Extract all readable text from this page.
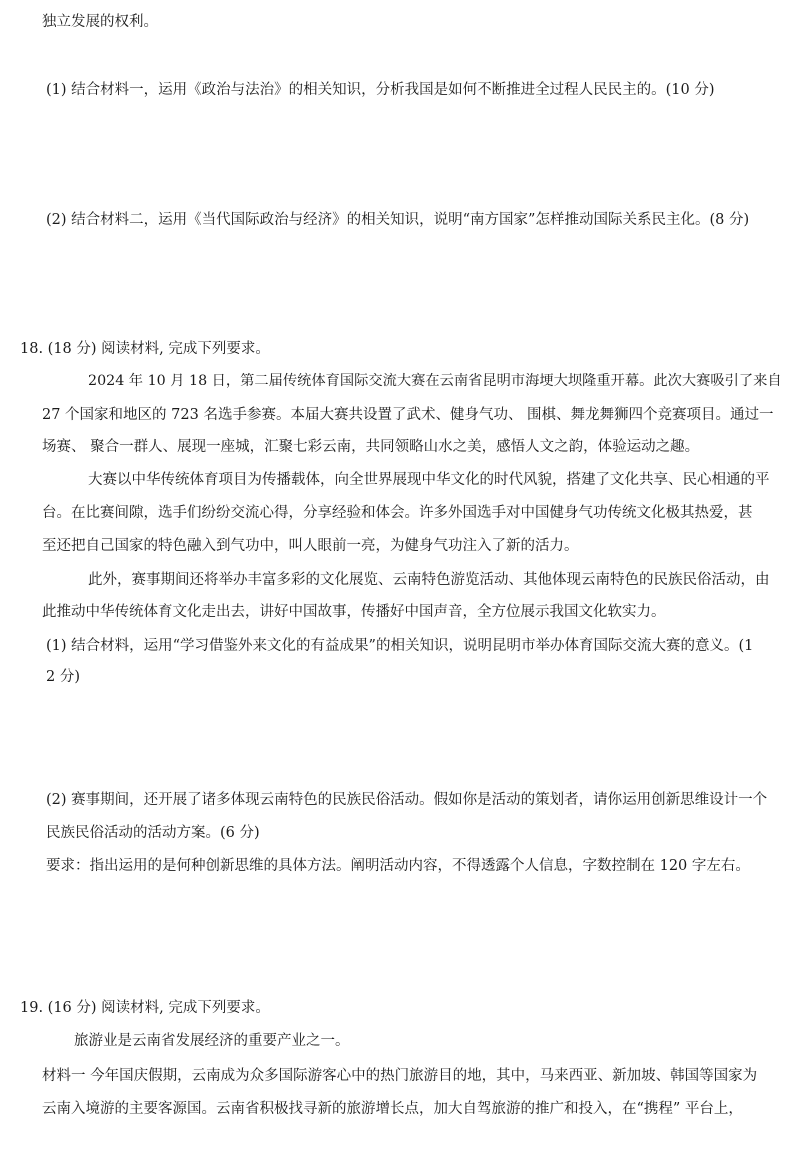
独立发展的权利。

(1) 结合材料一，运用《政治与法治》的相关知识，分析我国是如何不断推进全过程人民民主的。(10 分)

(2) 结合材料二，运用《当代国际政治与经济》的相关知识，说明“南方国家”怎样推动国际关系民主化。(8 分)

18. (18 分) 阅读材料, 完成下列要求。

2024 年 10 月 18 日，第二届传统体育国际交流大赛在云南省昆明市海埂大坝隆重开幕。此次大赛吸引了来自

27 个国家和地区的 723 名选手参赛。本届大赛共设置了武术、健身气功、 围棋、舞龙舞狮四个竞赛项目。通过一

场赛、 聚合一群人、展现一座城，汇聚七彩云南，共同领略山水之美，感悟人文之韵，体验运动之趣。

大赛以中华传统体育项目为传播载体，向全世界展现中华文化的时代风貌，搭建了文化共享、民心相通的平

台。在比赛间隙，选手们纷纷交流心得，分享经验和体会。许多外国选手对中国健身气功传统文化极其热爱，甚

至还把自己国家的特色融入到气功中，叫人眼前一亮，为健身气功注入了新的活力。

此外，赛事期间还将举办丰富多彩的文化展览、云南特色游览活动、其他体现云南特色的民族民俗活动，由

此推动中华传统体育文化走出去，讲好中国故事，传播好中国声音，全方位展示我国文化软实力。

(1) 结合材料，运用“学习借鉴外来文化的有益成果”的相关知识，说明昆明市举办体育国际交流大赛的意义。(1

2 分)

(2) 赛事期间，还开展了诸多体现云南特色的民族民俗活动。假如你是活动的策划者，请你运用创新思维设计一个

民族民俗活动的活动方案。(6 分)

要求：指出运用的是何种创新思维的具体方法。阐明活动内容，不得透露个人信息，字数控制在 120 字左右。

19. (16 分) 阅读材料, 完成下列要求。

旅游业是云南省发展经济的重要产业之一。

材料一 今年国庆假期，云南成为众多国际游客心中的热门旅游目的地，其中，马来西亚、新加坡、韩国等国家为

云南入境游的主要客源国。云南省积极找寻新的旅游增长点，加大自驾旅游的推广和投入，在“携程” 平台上，
